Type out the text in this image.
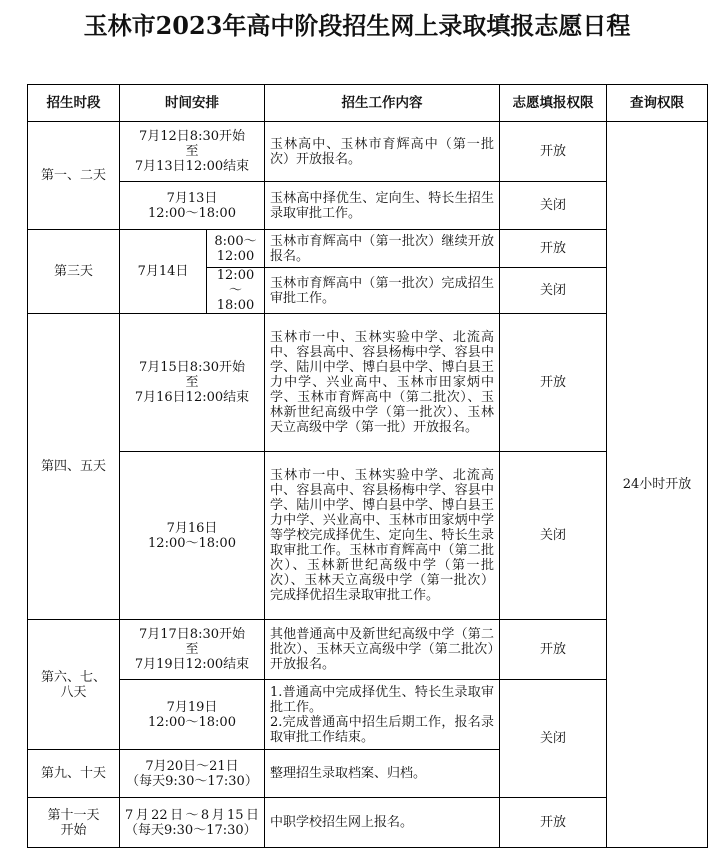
玉林市2023年高中阶段招生网上录取填报志愿日程
招生时段	时间安排		招生工作内容	志愿填报权限	查询权限
第一、二天	7月12日8:30开始
至
7月13日12:00结束		玉林高中、玉林市育辉高中（第一批次）开放报名。	开放	24小时开放
	7月13日
12:00～18:00		玉林高中择优生、定向生、特长生招生录取审批工作。	关闭	
第三天	7月14日	8:00～
12:00	玉林市育辉高中（第一批次）继续开放报名。	开放	
		12:00～
18:00	玉林市育辉高中（第一批次）完成招生审批工作。	关闭	
第四、五天	7月15日8:30开始
至
7月16日12:00结束		玉林市一中、玉林实验中学、北流高中、容县高中、容县杨梅中学、容县中学、陆川中学、博白县中学、博白县王力中学、兴业高中、玉林市田家炳中学、玉林市育辉高中（第二批次）、玉林新世纪高级中学（第一批次）、玉林天立高级中学（第一批）开放报名。	开放	
	7月16日
12:00～18:00		玉林市一中、玉林实验中学、北流高中、容县高中、容县杨梅中学、容县中学、陆川中学、博白县中学、博白县王力中学、兴业高中、玉林市田家炳中学等学校完成择优生、定向生、特长生录取审批工作。玉林市育辉高中（第二批次）、玉林新世纪高级中学（第一批次）、玉林天立高级中学（第一批次）完成择优招生录取审批工作。	关闭	
第六、七、
八天	7月17日8:30开始
至
7月19日12:00结束		其他普通高中及新世纪高级中学（第二批次）、玉林天立高级中学（第二批次）开放报名。	开放	
	7月19日
12:00～18:00		1.普通高中完成择优生、特长生录取审批工作。
2.完成普通高中招生后期工作，报名录取审批工作结束。	关闭	
第九、十天	7月20日～21日
（每天9:30～17:30）		整理招生录取档案、归档。		
第十一天
开始	7月22日～8月15日（每天9:30～17:30）		中职学校招生网上报名。	开放	
